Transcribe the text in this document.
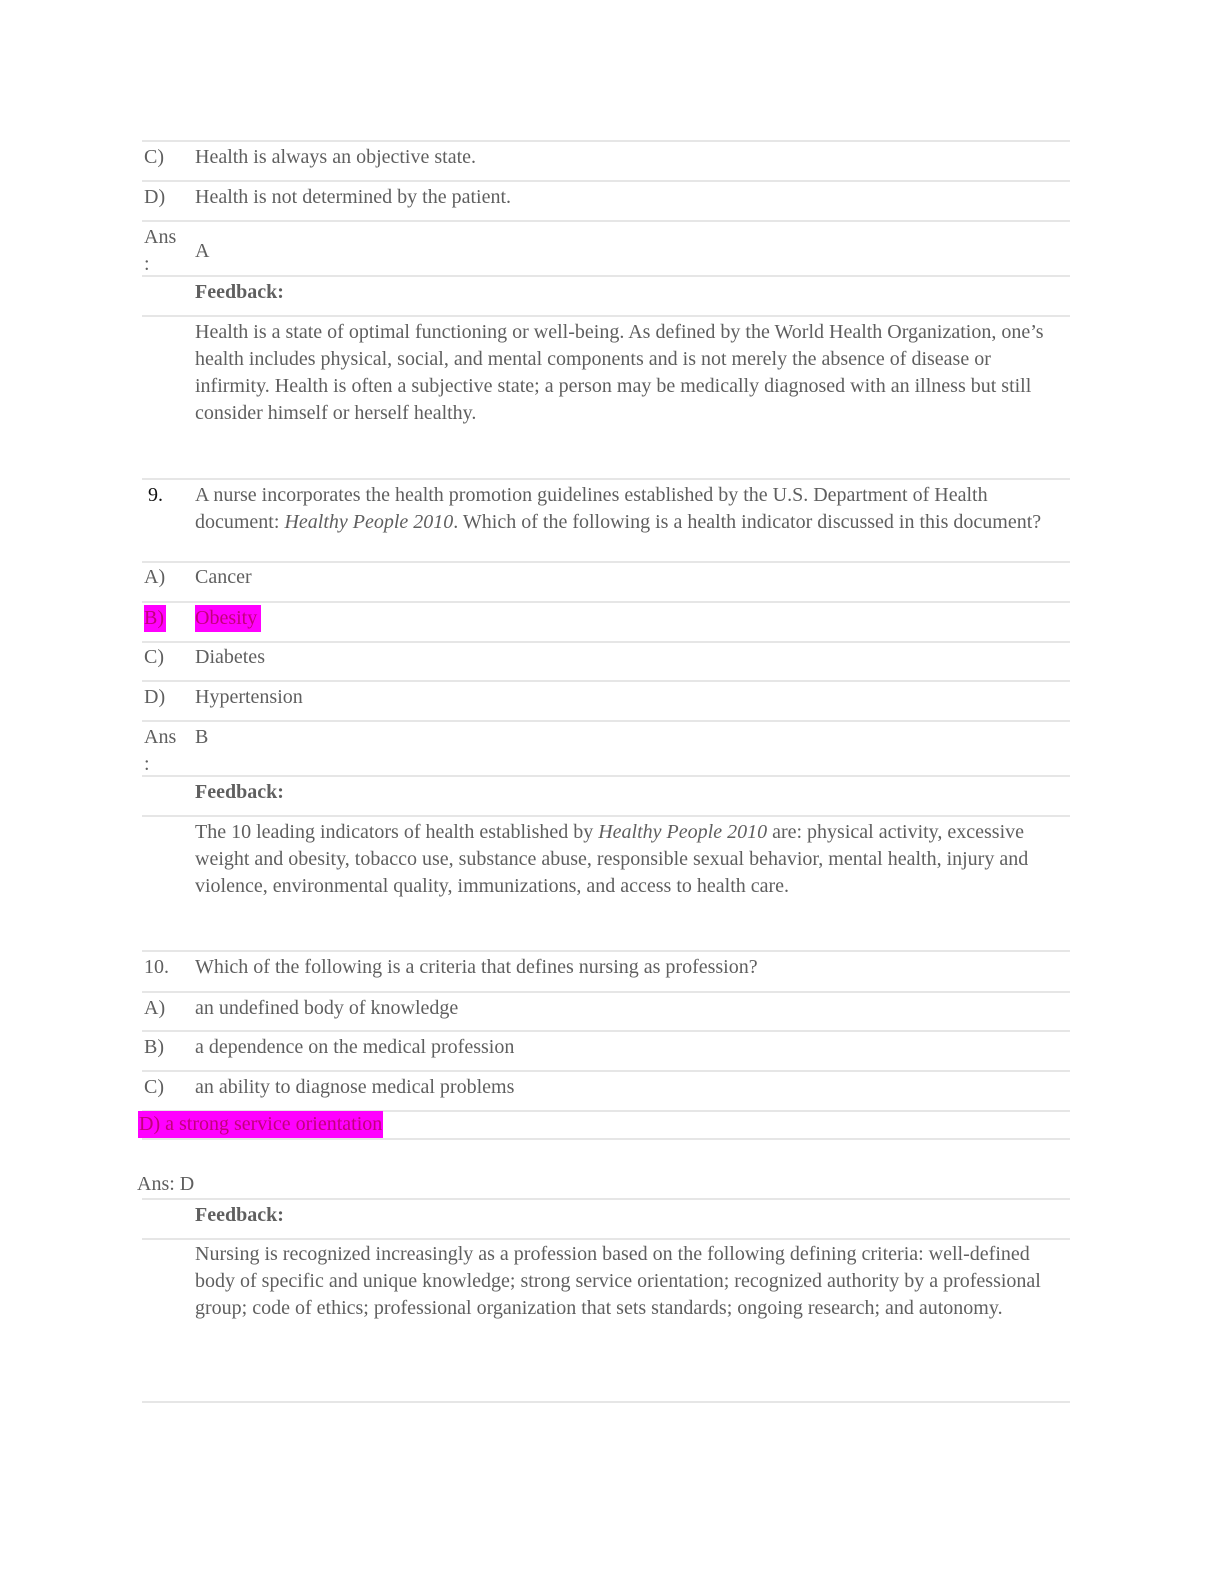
C) Health is always an objective state.
D) Health is not determined by the patient.
Ans
:
A
Feedback:
Health is a state of optimal functioning or well-being. As defined by the World Health Organization, one’s health includes physical, social, and mental components and is not merely the absence of disease or infirmity. Health is often a subjective state; a person may be medically diagnosed with an illness but still consider himself or herself healthy.
9. A nurse incorporates the health promotion guidelines established by the U.S. Department of Health document: Healthy People 2010. Which of the following is a health indicator discussed in this document?
A) Cancer
B) Obesity
C) Diabetes
D) Hypertension
Ans
:
B
Feedback:
The 10 leading indicators of health established by Healthy People 2010 are: physical activity, excessive weight and obesity, tobacco use, substance abuse, responsible sexual behavior, mental health, injury and violence, environmental quality, immunizations, and access to health care.
10. Which of the following is a criteria that defines nursing as profession?
A) an undefined body of knowledge
B) a dependence on the medical profession
C) an ability to diagnose medical problems
D) a strong service orientation
Ans: D
Feedback:
Nursing is recognized increasingly as a profession based on the following defining criteria: well-defined body of specific and unique knowledge; strong service orientation; recognized authority by a professional group; code of ethics; professional organization that sets standards; ongoing research; and autonomy.
